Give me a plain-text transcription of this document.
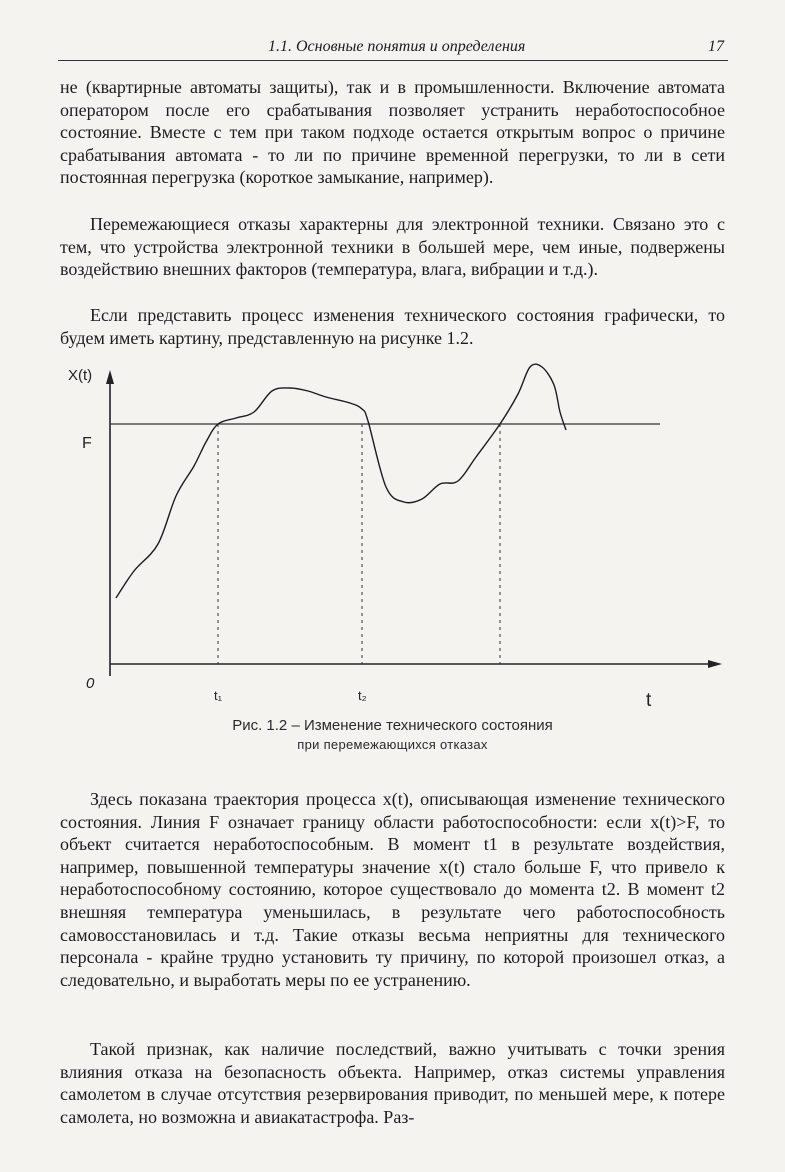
1.1. Основные понятия и определения	17

не (квартирные автоматы защиты), так и в промышленности. Включение автомата оператором после его срабатывания позволяет устранить неработоспособное состояние. Вместе с тем при таком подходе остается открытым вопрос о причине срабатывания автомата - то ли по причине временной перегрузки, то ли в сети постоянная перегрузка (короткое замыкание, например).

Перемежающиеся отказы характерны для электронной техники. Связано это с тем, что устройства электронной техники в большей мере, чем иные, подвержены воздействию внешних факторов (температура, влага, вибрации и т.д.).

Если представить процесс изменения технического состояния графически, то будем иметь картину, представленную на рисунке 1.2.

X(t)
0
t
F
t₁	t₂
Рис. 1.2 – Изменение технического состояния
при перемежающихся отказах

Здесь показана траектория процесса x(t), описывающая изменение технического состояния. Линия F означает границу области работоспособности: если x(t)>F, то объект считается неработоспособным. В момент t1 в результате воздействия, например, повышенной температуры значение x(t) стало больше F, что привело к неработоспособному состоянию, которое существовало до момента t2. В момент t2 внешняя температура уменьшилась, в результате чего работоспособность самовосстановилась и т.д. Такие отказы весьма неприятны для технического персонала - крайне трудно установить ту причину, по которой произошел отказ, а следовательно, и выработать меры по ее устранению.

Такой признак, как наличие последствий, важно учитывать с точки зрения влияния отказа на безопасность объекта. Например, отказ системы управления самолетом в случае отсутствия резервирования приводит, по меньшей мере, к потере самолета, но возможна и авиакатастрофа. Раз-
